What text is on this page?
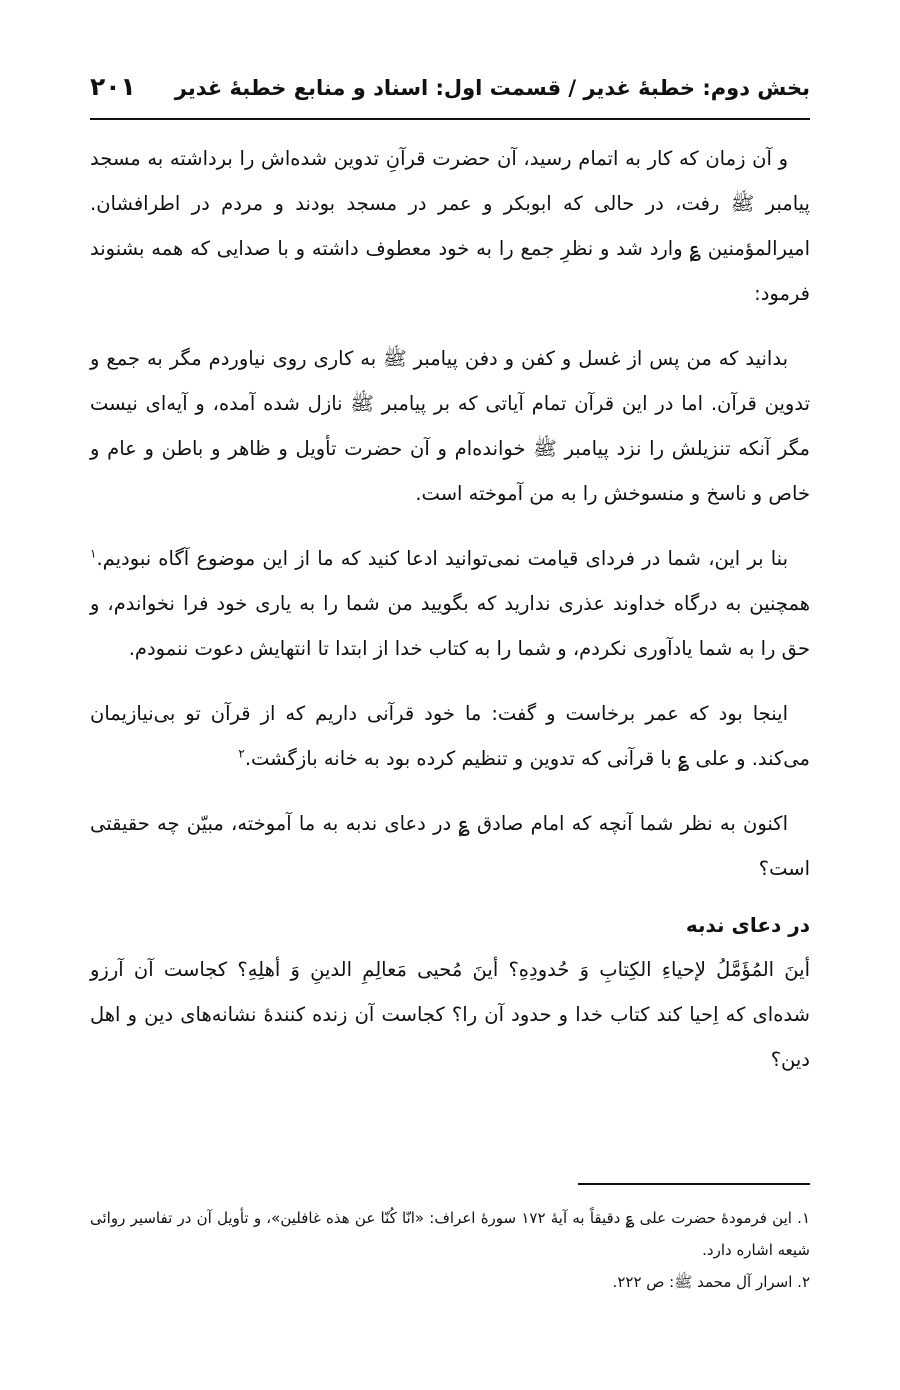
بخش دوم: خطبهٔ غدیر / قسمت اول: اسناد و منابع خطبهٔ غدیر
۲۰۱

و آن زمان که کار به اتمام رسید، آن حضرت قرآنِ تدوین شده‌اش را برداشته به مسجد پیامبر ﷺ رفت، در حالی که ابوبکر و عمر در مسجد بودند و مردم در اطرافشان. امیرالمؤمنین ؏ وارد شد و نظرِ جمع را به خود معطوف داشته و با صدایی که همه بشنوند فرمود:

بدانید که من پس از غسل و کفن و دفن پیامبر ﷺ به کاری روی نیاوردم مگر به جمع و تدوین قرآن. اما در این قرآن تمام آیاتی که بر پیامبر ﷺ نازل شده آمده، و آیه‌ای نیست مگر آنکه تنزیلش را نزد پیامبر ﷺ خوانده‌ام و آن حضرت تأویل و ظاهر و باطن و عام و خاص و ناسخ و منسوخش را به من آموخته است.

بنا بر این، شما در فردای قیامت نمی‌توانید ادعا کنید که ما از این موضوع آگاه نبودیم.$^۱$ همچنین به درگاه خداوند عذری ندارید که بگویید من شما را به یاری خود فرا نخواندم، و حق را به شما یادآوری نکردم، و شما را به کتاب خدا از ابتدا تا انتهایش دعوت ننمودم.

اینجا بود که عمر برخاست و گفت: ما خود قرآنی داریم که از قرآن تو بی‌نیازیمان می‌کند. و علی ؏ با قرآنی که تدوین و تنظیم کرده بود به خانه بازگشت.$^۲$

اکنون به نظر شما آنچه که امام صادق ؏ در دعای ندبه به ما آموخته، مبیّن چه حقیقتی است؟

در دعای ندبه

أینَ المُؤَمَّلُ لإحیاءِ الکِتابِ وَ حُدودِهِ؟ أینَ مُحیی مَعالِمِ الدینِ وَ أهلِهِ؟ کجاست آن آرزو شده‌ای که اِحیا کند کتاب خدا و حدود آن را؟ کجاست آن زنده کنندهٔ نشانه‌های دین و اهل دین؟

۱. این فرمودهٔ حضرت علی ؏ دقیقاً به آیهٔ ۱۷۲ سورهٔ اعراف: «انّا کُنّا عن هذه غافلین»، و تأویل آن در تفاسیر روائی شیعه اشاره دارد.

۲. اسرار آل محمد ﷺ: ص ۲۲۲.
